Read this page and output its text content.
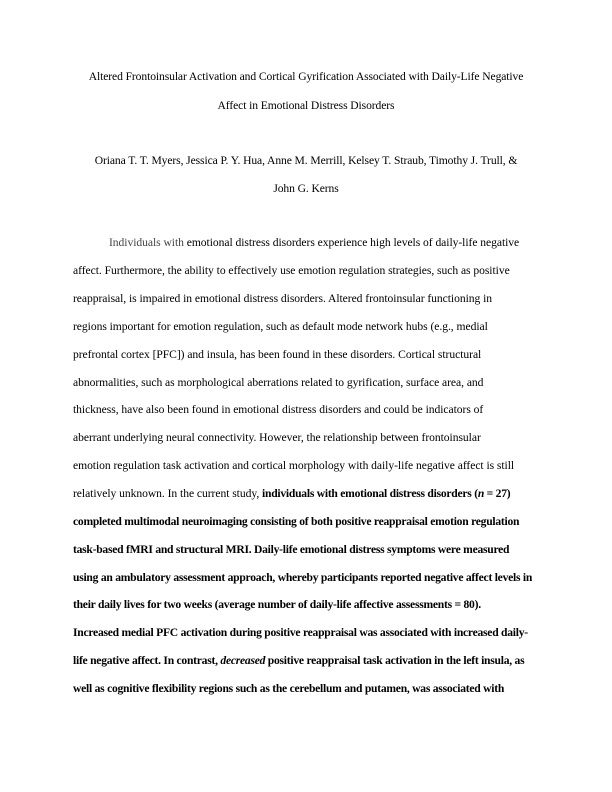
Altered Frontoinsular Activation and Cortical Gyrification Associated with Daily-Life Negative
Affect in Emotional Distress Disorders
Oriana T. T. Myers, Jessica P. Y. Hua, Anne M. Merrill, Kelsey T. Straub, Timothy J. Trull, &
John G. Kerns
Individuals with emotional distress disorders experience high levels of daily-life negative
affect. Furthermore, the ability to effectively use emotion regulation strategies, such as positive
reappraisal, is impaired in emotional distress disorders. Altered frontoinsular functioning in
regions important for emotion regulation, such as default mode network hubs (e.g., medial
prefrontal cortex [PFC]) and insula, has been found in these disorders. Cortical structural
abnormalities, such as morphological aberrations related to gyrification, surface area, and
thickness, have also been found in emotional distress disorders and could be indicators of
aberrant underlying neural connectivity. However, the relationship between frontoinsular
emotion regulation task activation and cortical morphology with daily-life negative affect is still
relatively unknown. In the current study, individuals with emotional distress disorders (n = 27)
completed multimodal neuroimaging consisting of both positive reappraisal emotion regulation
task-based fMRI and structural MRI. Daily-life emotional distress symptoms were measured
using an ambulatory assessment approach, whereby participants reported negative affect levels in
their daily lives for two weeks (average number of daily-life affective assessments = 80).
Increased medial PFC activation during positive reappraisal was associated with increased daily-
life negative affect. In contrast, decreased positive reappraisal task activation in the left insula, as
well as cognitive flexibility regions such as the cerebellum and putamen, was associated with
